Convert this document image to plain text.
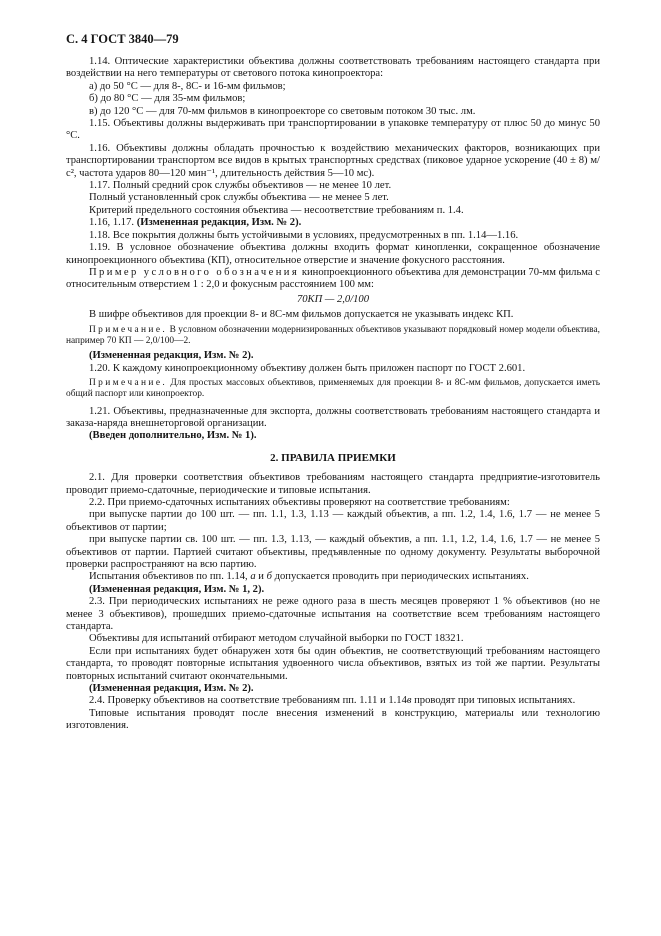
С. 4 ГОСТ 3840—79

1.14. Оптические характеристики объектива должны соответствовать требованиям настоящего стандарта при воздействии на него температуры от светового потока кинопроектора:

а) до 50 °С — для 8-, 8С- и 16-мм фильмов;

б) до 80 °С — для 35-мм фильмов;

в) до 120 °С — для 70-мм фильмов в кинопроекторе со световым потоком 30 тыс. лм.

1.15. Объективы должны выдерживать при транспортировании в упаковке температуру от плюс 50 до минус 50 °С.

1.16. Объективы должны обладать прочностью к воздействию механических факторов, возникающих при транспортировании транспортом все видов в крытых транспортных средствах (пиковое ударное ускорение (40 ± 8) м/с², частота ударов 80—120 мин⁻¹, длительность действия 5—10 мс).

1.17. Полный средний срок службы объективов — не менее 10 лет.

Полный установленный срок службы объектива — не менее 5 лет.

Критерий предельного состояния объектива — несоответствие требованиям п. 1.4.

1.16, 1.17. (Измененная редакция, Изм. № 2).

1.18. Все покрытия должны быть устойчивыми в условиях, предусмотренных в пп. 1.14—1.16.

1.19. В условное обозначение объектива должны входить формат кинопленки, сокращенное обозначение кинопроекционного объектива (КП), относительное отверстие и значение фокусного расстояния.

Пример условного обозначения кинопроекционного объектива для демонстрации 70-мм фильма с относительным отверстием 1 : 2,0 и фокусным расстоянием 100 мм:

70КП — 2,0/100

В шифре объективов для проекции 8- и 8С-мм фильмов допускается не указывать индекс КП.

Примечание. В условном обозначении модернизированных объективов указывают порядковый номер модели объектива, например 70 КП — 2,0/100—2.

(Измененная редакция, Изм. № 2).

1.20. К каждому кинопроекционному объективу должен быть приложен паспорт по ГОСТ 2.601.

Примечание. Для простых массовых объективов, применяемых для проекции 8- и 8С-мм фильмов, допускается иметь общий паспорт или кинопроектор.

1.21. Объективы, предназначенные для экспорта, должны соответствовать требованиям настоящего стандарта и заказа-наряда внешнеторговой организации.

(Введен дополнительно, Изм. № 1).

2. ПРАВИЛА ПРИЕМКИ

2.1. Для проверки соответствия объективов требованиям настоящего стандарта предприятие-изготовитель проводит приемо-сдаточные, периодические и типовые испытания.

2.2. При приемо-сдаточных испытаниях объективы проверяют на соответствие требованиям:

при выпуске партии до 100 шт. — пп. 1.1, 1.3, 1.13 — каждый объектив, а пп. 1.2, 1.4, 1.6, 1.7 — не менее 5 объективов от партии;

при выпуске партии св. 100 шт. — пп. 1.3, 1.13, — каждый объектив, а пп. 1.1, 1.2, 1.4, 1.6, 1.7 — не менее 5 объективов от партии. Партией считают объективы, предъявленные по одному документу. Результаты выборочной проверки распространяют на всю партию.

Испытания объективов по пп. 1.14, а и б допускается проводить при периодических испытаниях.

(Измененная редакция, Изм. № 1, 2).

2.3. При периодических испытаниях не реже одного раза в шесть месяцев проверяют 1 % объективов (но не менее 3 объективов), прошедших приемо-сдаточные испытания на соответствие всем требованиям настоящего стандарта.

Объективы для испытаний отбирают методом случайной выборки по ГОСТ 18321.

Если при испытаниях будет обнаружен хотя бы один объектив, не соответствующий требованиям настоящего стандарта, то проводят повторные испытания удвоенного числа объективов, взятых из той же партии. Результаты повторных испытаний считают окончательными.

(Измененная редакция, Изм. № 2).

2.4. Проверку объективов на соответствие требованиям пп. 1.11 и 1.14в проводят при типовых испытаниях.

Типовые испытания проводят после внесения изменений в конструкцию, материалы или технологию изготовления.
